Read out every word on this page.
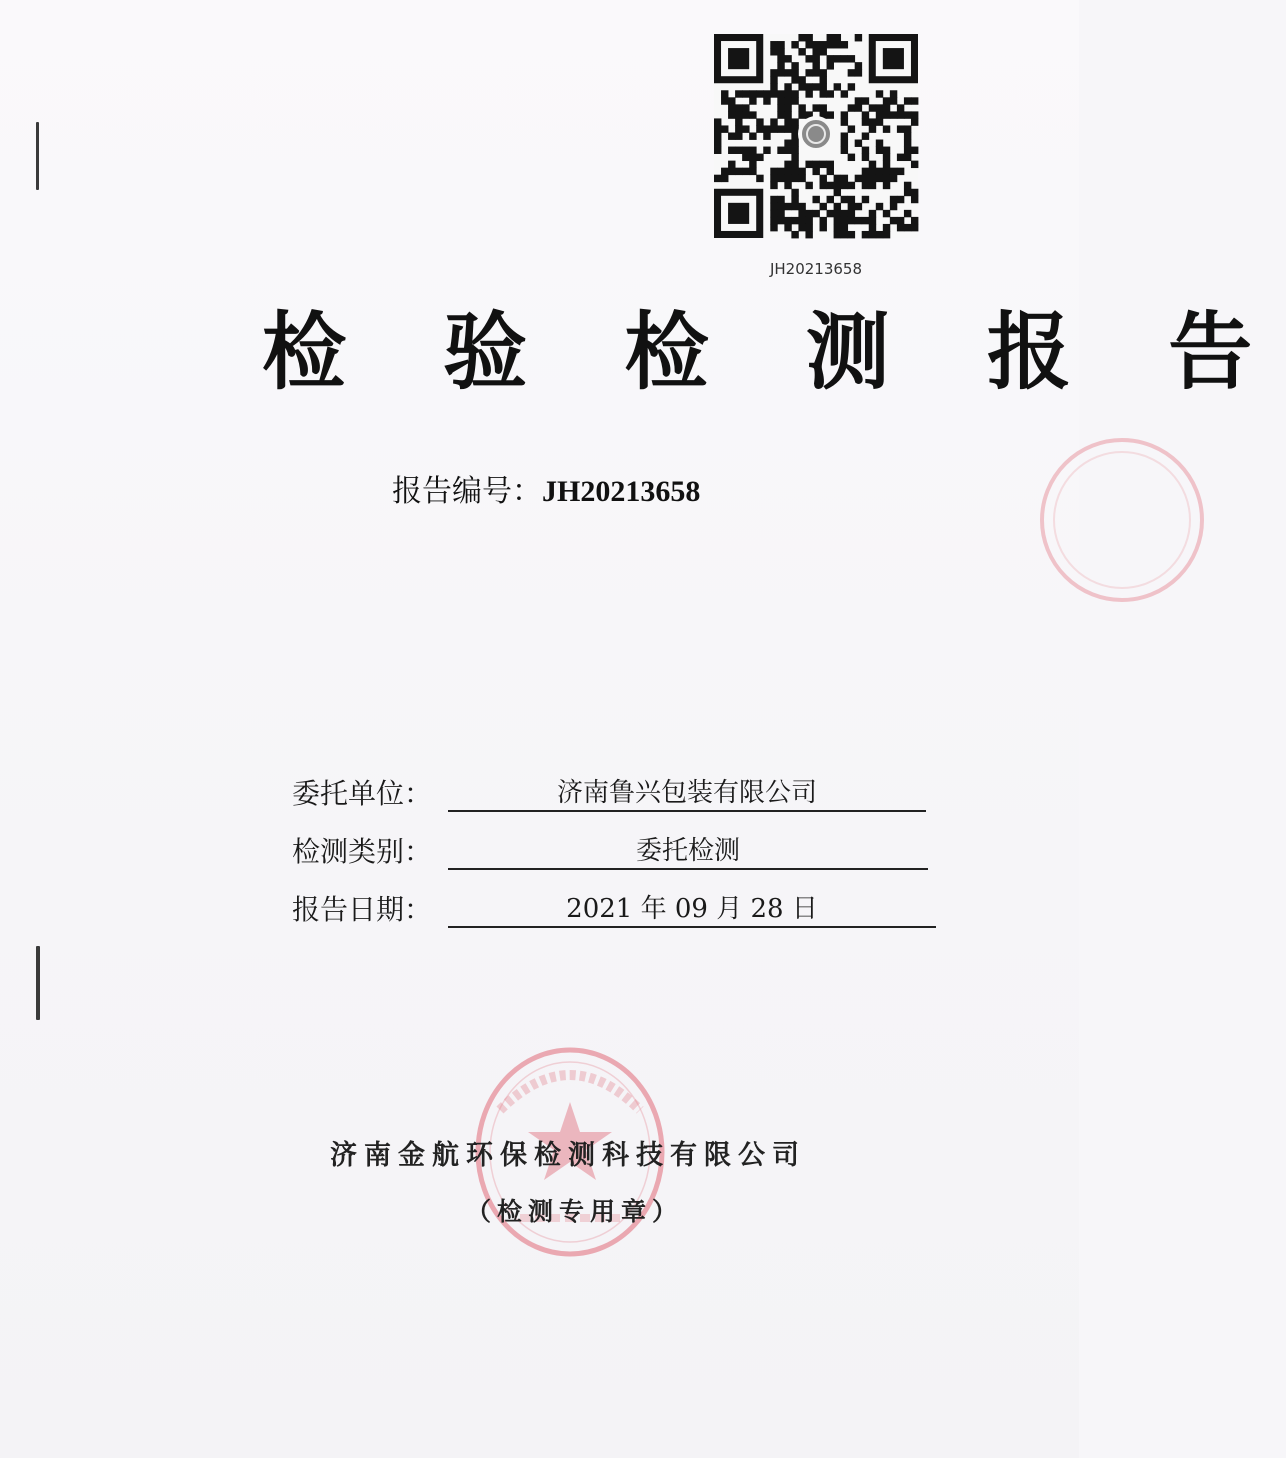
JH20213658
检 验 检 测 报 告
报告编号：JH20213658
委托单位：	济南鲁兴包装有限公司
检测类别：	委托检测
报告日期：	2021 年 09 月 28 日
济南金航环保检测科技有限公司
（检测专用章）
